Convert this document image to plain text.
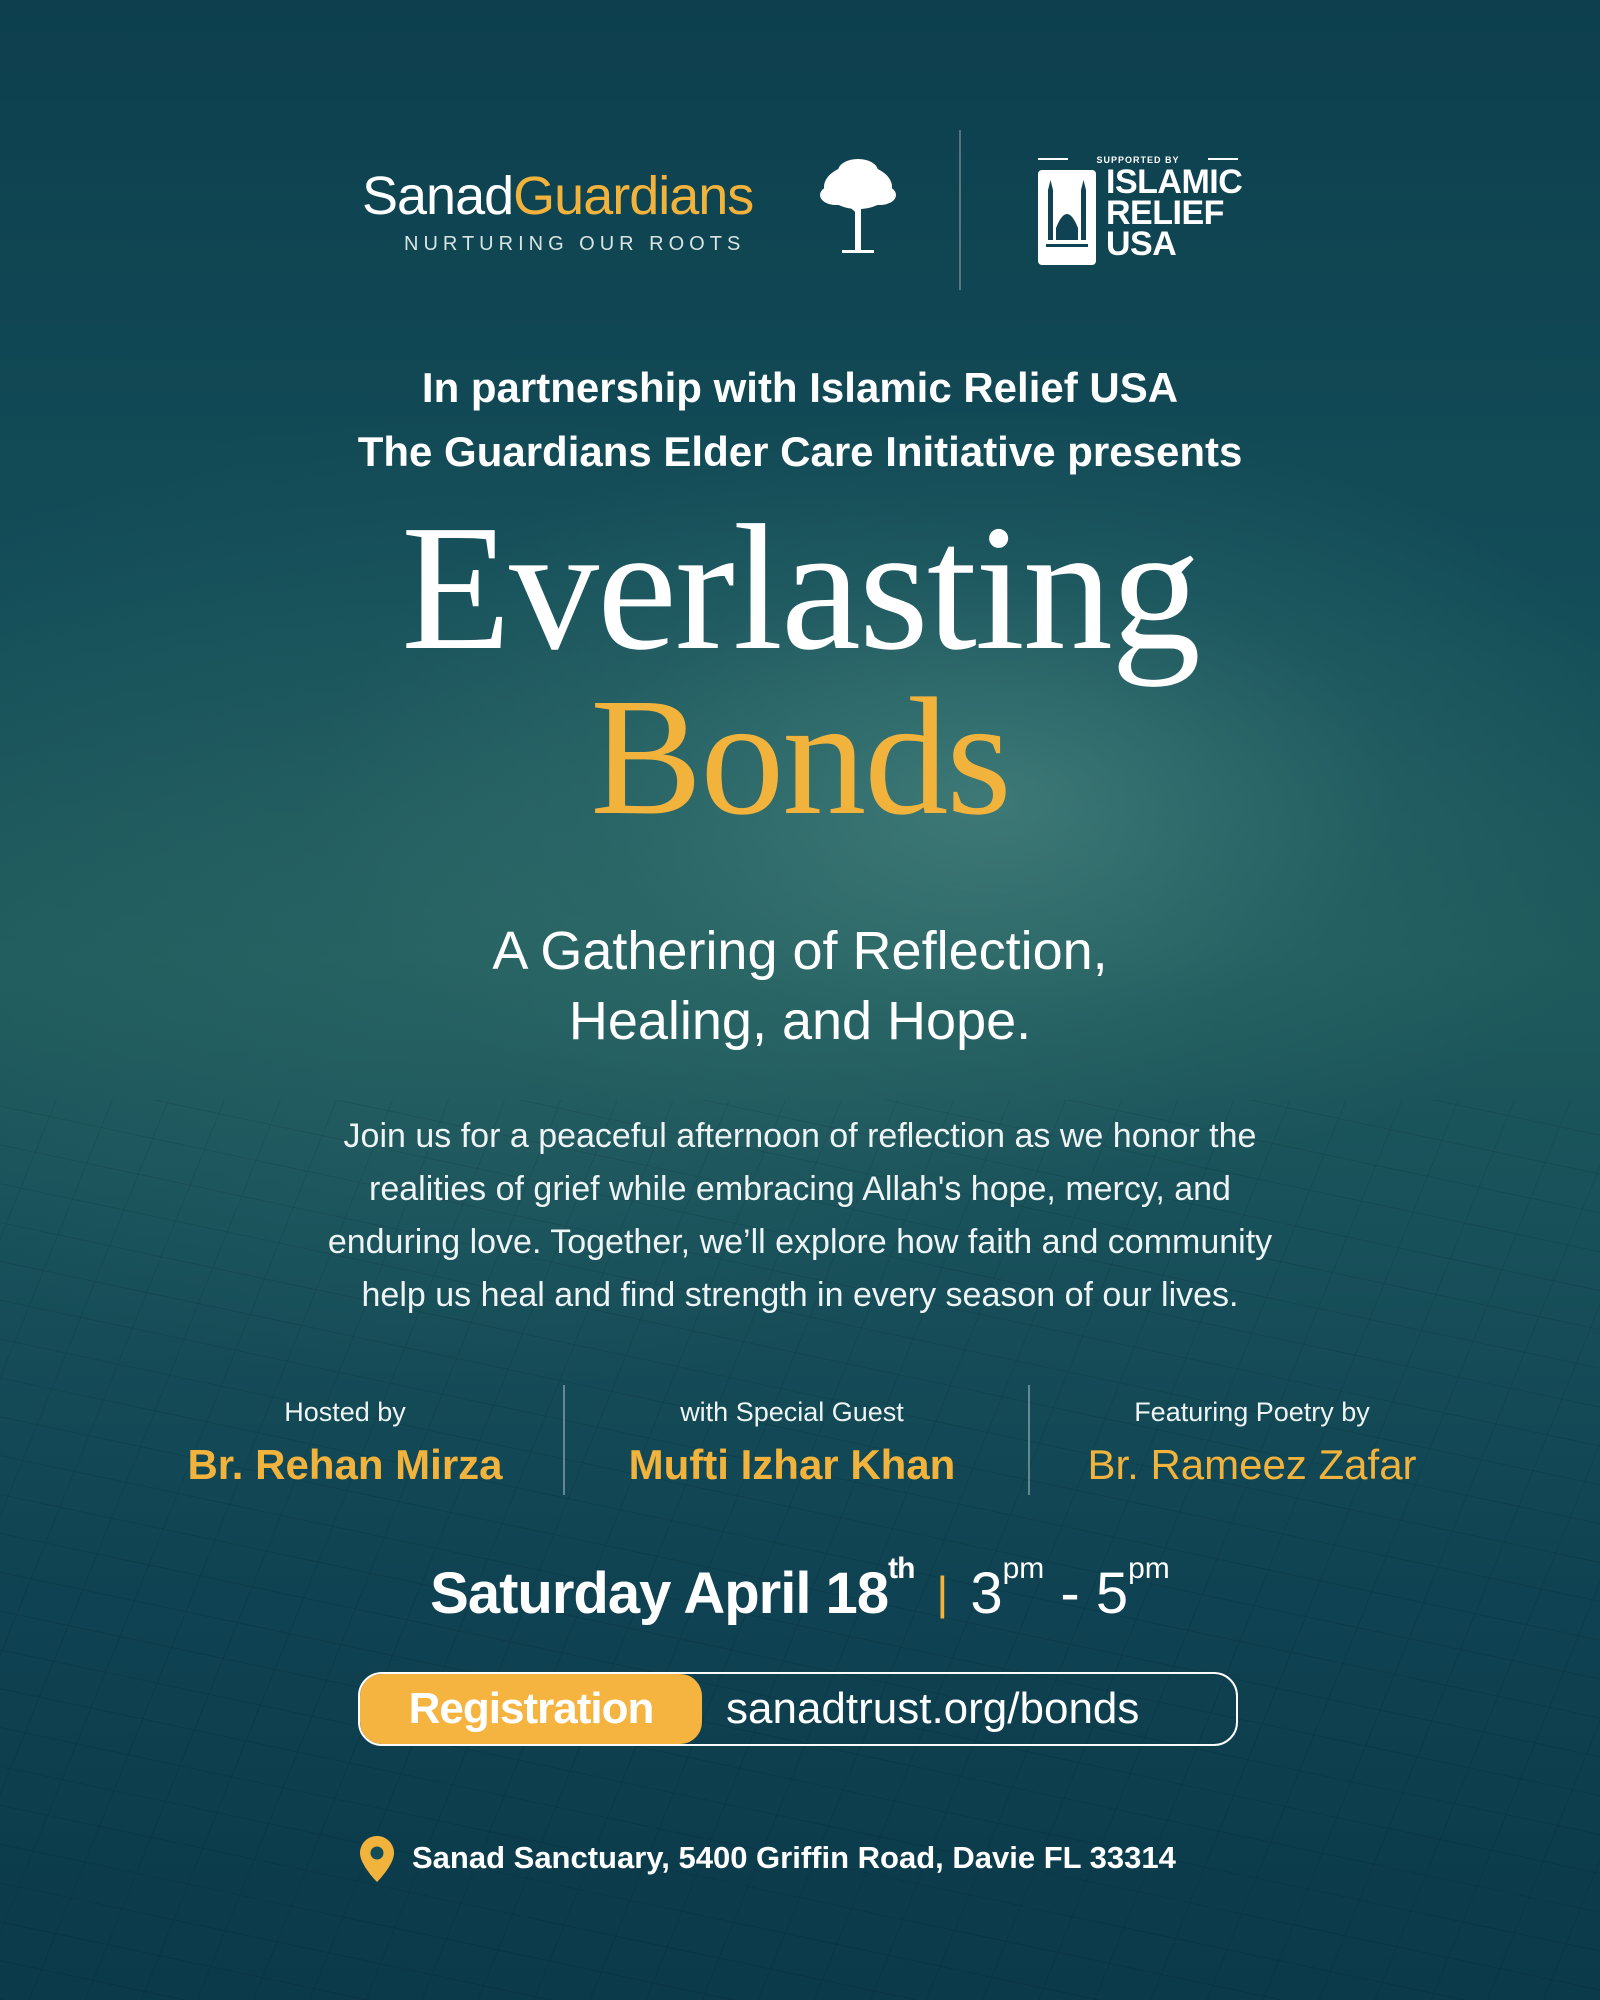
SanadGuardians
NURTURING OUR ROOTS
SUPPORTED BY
ISLAMIC
RELIEF
USA
In partnership with Islamic Relief USA
The Guardians Elder Care Initiative presents
Everlasting
Bonds
A Gathering of Reflection,
Healing, and Hope.
Join us for a peaceful afternoon of reflection as we honor the
realities of grief while embracing Allah's hope, mercy, and
enduring love. Together, we’ll explore how faith and community
help us heal and find strength in every season of our lives.
Hosted by
Br. Rehan Mirza
with Special Guest
Mufti Izhar Khan
Featuring Poetry by
Br. Rameez Zafar
Saturday April 18th | $3^{pm} - 5^{pm}$
Registration	sanadtrust.org/bonds
Sanad Sanctuary, 5400 Griffin Road, Davie FL 33314
